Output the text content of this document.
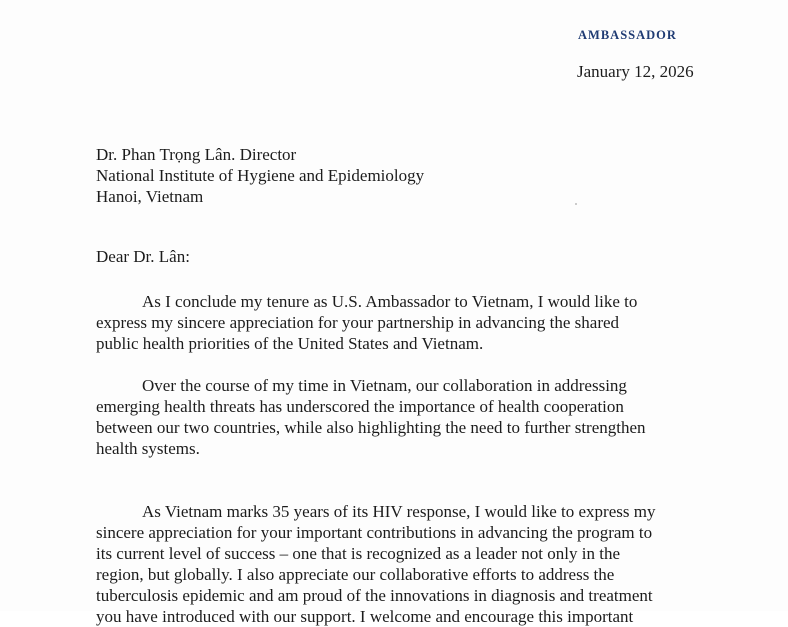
AMBASSADOR
January 12, 2026
Dr. Phan Trọng Lân. Director
National Institute of Hygiene and Epidemiology
Hanoi, Vietnam
Dear Dr. Lân:
As I conclude my tenure as U.S. Ambassador to Vietnam, I would like to
express my sincere appreciation for your partnership in advancing the shared
public health priorities of the United States and Vietnam.
Over the course of my time in Vietnam, our collaboration in addressing
emerging health threats has underscored the importance of health cooperation
between our two countries, while also highlighting the need to further strengthen
health systems.
As Vietnam marks 35 years of its HIV response, I would like to express my
sincere appreciation for your important contributions in advancing the program to
its current level of success – one that is recognized as a leader not only in the
region, but globally. I also appreciate our collaborative efforts to address the
tuberculosis epidemic and am proud of the innovations in diagnosis and treatment
you have introduced with our support. I welcome and encourage this important
